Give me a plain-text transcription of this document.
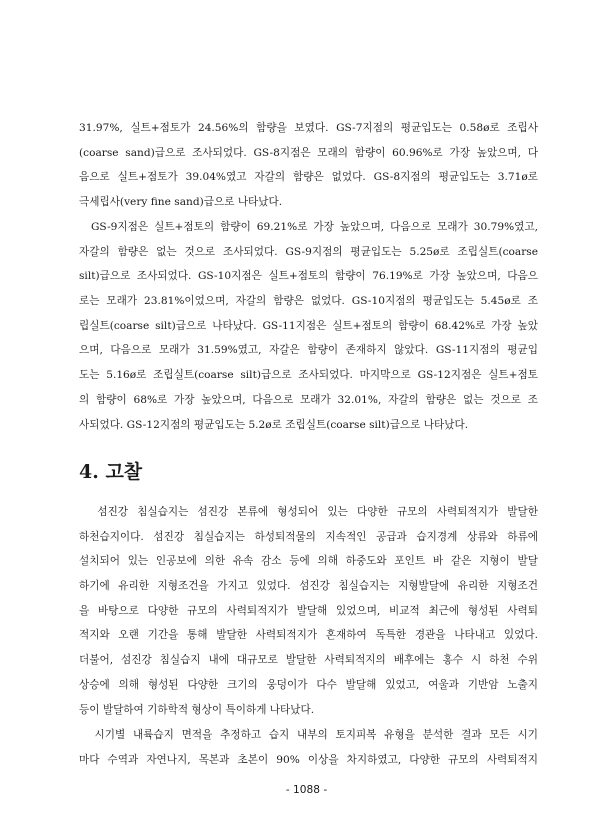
31.97%, 실트+점토가 24.56%의 함량을 보였다. GS-7지점의 평균입도는 0.58ø로 조립사
(coarse sand)급으로 조사되었다. GS-8지점은 모래의 함량이 60.96%로 가장 높았으며, 다
음으로 실트+점토가 39.04%였고 자갈의 함량은 없었다. GS-8지점의 평균입도는 3.71ø로
극세립사(very fine sand)급으로 나타났다.
GS-9지점은 실트+점토의 함량이 69.21%로 가장 높았으며, 다음으로 모래가 30.79%였고,
자갈의 함량은 없는 것으로 조사되었다. GS-9지점의 평균입도는 5.25ø로 조립실트(coarse
silt)급으로 조사되었다. GS-10지점은 실트+점토의 함량이 76.19%로 가장 높았으며, 다음으
로는 모래가 23.81%이었으며, 자갈의 함량은 없었다. GS-10지점의 평균입도는 5.45ø로 조
립실트(coarse silt)급으로 나타났다. GS-11지점은 실트+점토의 함량이 68.42%로 가장 높았
으며, 다음으로 모래가 31.59%였고, 자갈은 함량이 존재하지 않았다. GS-11지점의 평균입
도는 5.16ø로 조립실트(coarse silt)급으로 조사되었다. 마지막으로 GS-12지점은 실트+점토
의 함량이 68%로 가장 높았으며, 다음으로 모래가 32.01%, 자갈의 함량은 없는 것으로 조
사되었다. GS-12지점의 평균입도는 5.2ø로 조립실트(coarse silt)급으로 나타났다.
4. 고찰
섬진강 침실습지는 섬진강 본류에 형성되어 있는 다양한 규모의 사력퇴적지가 발달한
하천습지이다. 섬진강 침실습지는 하성퇴적물의 지속적인 공급과 습지경계 상류와 하류에
설치되어 있는 인공보에 의한 유속 감소 등에 의해 하중도와 포인트 바 같은 지형이 발달
하기에 유리한 지형조건을 가지고 있었다. 섬진강 침실습지는 지형발달에 유리한 지형조건
을 바탕으로 다양한 규모의 사력퇴적지가 발달해 있었으며, 비교적 최근에 형성된 사력퇴
적지와 오랜 기간을 통해 발달한 사력퇴적지가 혼재하여 독특한 경관을 나타내고 있었다.
더불어, 섬진강 침실습지 내에 대규모로 발달한 사력퇴적지의 배후에는 홍수 시 하천 수위
상승에 의해 형성된 다양한 크기의 웅덩이가 다수 발달해 있었고, 여울과 기반암 노출지
등이 발달하여 기하학적 형상이 특이하게 나타났다.
시기별 내륙습지 면적을 추정하고 습지 내부의 토지피복 유형을 분석한 결과 모든 시기
마다 수역과 자연나지, 목본과 초본이 90% 이상을 차지하였고, 다양한 규모의 사력퇴적지
- 1088 -
